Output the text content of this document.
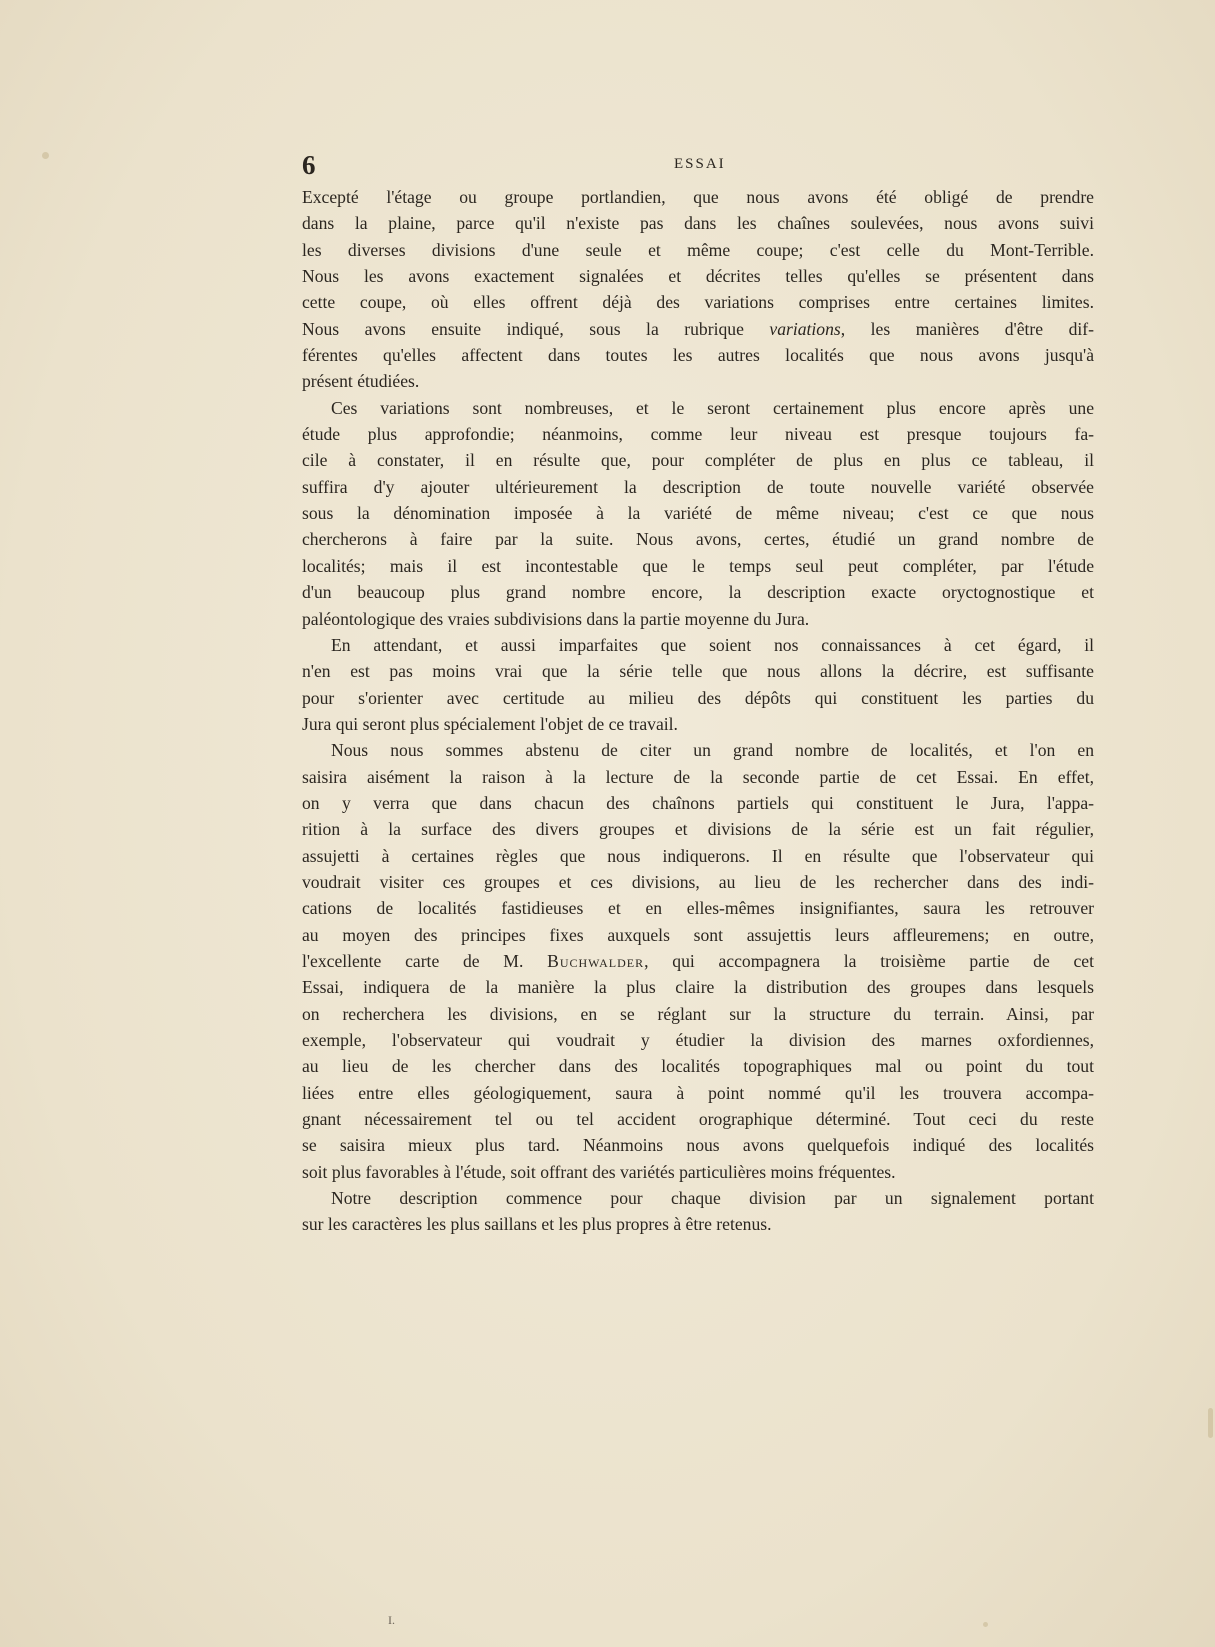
6	ESSAI
Excepté l'étage ou groupe portlandien, que nous avons été obligé de prendre
dans la plaine, parce qu'il n'existe pas dans les chaînes soulevées, nous avons suivi
les diverses divisions d'une seule et même coupe; c'est celle du Mont-Terrible.
Nous les avons exactement signalées et décrites telles qu'elles se présentent dans
cette coupe, où elles offrent déjà des variations comprises entre certaines limites.
Nous avons ensuite indiqué, sous la rubrique variations, les manières d'être dif-
férentes qu'elles affectent dans toutes les autres localités que nous avons jusqu'à
présent étudiées.
Ces variations sont nombreuses, et le seront certainement plus encore après une
étude plus approfondie; néanmoins, comme leur niveau est presque toujours fa-
cile à constater, il en résulte que, pour compléter de plus en plus ce tableau, il
suffira d'y ajouter ultérieurement la description de toute nouvelle variété observée
sous la dénomination imposée à la variété de même niveau; c'est ce que nous
chercherons à faire par la suite. Nous avons, certes, étudié un grand nombre de
localités; mais il est incontestable que le temps seul peut compléter, par l'étude
d'un beaucoup plus grand nombre encore, la description exacte oryctognostique et
paléontologique des vraies subdivisions dans la partie moyenne du Jura.
En attendant, et aussi imparfaites que soient nos connaissances à cet égard, il
n'en est pas moins vrai que la série telle que nous allons la décrire, est suffisante
pour s'orienter avec certitude au milieu des dépôts qui constituent les parties du
Jura qui seront plus spécialement l'objet de ce travail.
Nous nous sommes abstenu de citer un grand nombre de localités, et l'on en
saisira aisément la raison à la lecture de la seconde partie de cet Essai. En effet,
on y verra que dans chacun des chaînons partiels qui constituent le Jura, l'appa-
rition à la surface des divers groupes et divisions de la série est un fait régulier,
assujetti à certaines règles que nous indiquerons. Il en résulte que l'observateur qui
voudrait visiter ces groupes et ces divisions, au lieu de les rechercher dans des indi-
cations de localités fastidieuses et en elles-mêmes insignifiantes, saura les retrouver
au moyen des principes fixes auxquels sont assujettis leurs affleuremens; en outre,
l'excellente carte de M. Buchwalder, qui accompagnera la troisième partie de cet
Essai, indiquera de la manière la plus claire la distribution des groupes dans lesquels
on recherchera les divisions, en se réglant sur la structure du terrain. Ainsi, par
exemple, l'observateur qui voudrait y étudier la division des marnes oxfordiennes,
au lieu de les chercher dans des localités topographiques mal ou point du tout
liées entre elles géologiquement, saura à point nommé qu'il les trouvera accompa-
gnant nécessairement tel ou tel accident orographique déterminé. Tout ceci du reste
se saisira mieux plus tard. Néanmoins nous avons quelquefois indiqué des localités
soit plus favorables à l'étude, soit offrant des variétés particulières moins fréquentes.
Notre description commence pour chaque division par un signalement portant
sur les caractères les plus saillans et les plus propres à être retenus.
I.
